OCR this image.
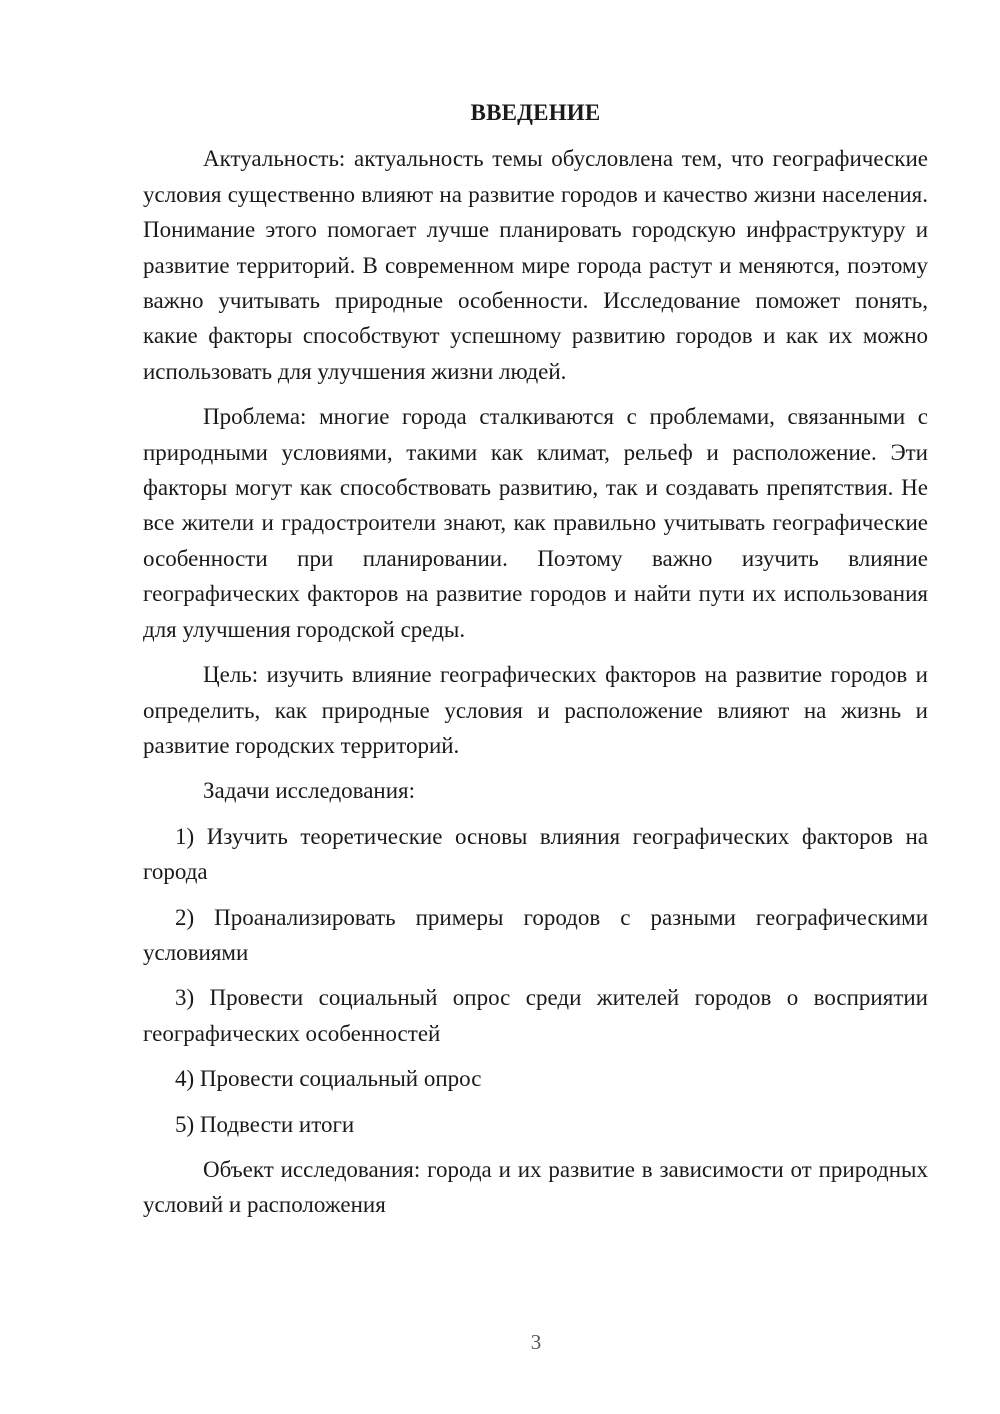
ВВЕДЕНИЕ

Актуальность: актуальность темы обусловлена тем, что географические условия существенно влияют на развитие городов и качество жизни населения. Понимание этого помогает лучше планировать городскую инфраструктуру и развитие территорий. В современном мире города растут и меняются, поэтому важно учитывать природные особенности. Исследование поможет понять, какие факторы способствуют успешному развитию городов и как их можно использовать для улучшения жизни людей.

Проблема: многие города сталкиваются с проблемами, связанными с природными условиями, такими как климат, рельеф и расположение. Эти факторы могут как способствовать развитию, так и создавать препятствия. Не все жители и градостроители знают, как правильно учитывать географические особенности при планировании. Поэтому важно изучить влияние географических факторов на развитие городов и найти пути их использования для улучшения городской среды.

Цель: изучить влияние географических факторов на развитие городов и определить, как природные условия и расположение влияют на жизнь и развитие городских территорий.

Задачи исследования:

1) Изучить теоретические основы влияния географических факторов на города

2) Проанализировать примеры городов с разными географическими условиями

3) Провести социальный опрос среди жителей городов о восприятии географических особенностей

4) Провести социальный опрос

5) Подвести итоги

Объект исследования: города и их развитие в зависимости от природных условий и расположения

3
